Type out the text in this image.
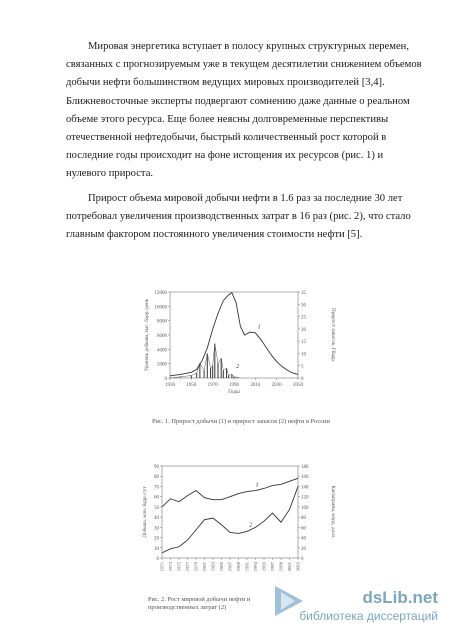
Мировая энергетика вступает в полосу крупных структурных перемен, связанных с прогнозируемым уже в текущем десятилетии снижением объемов добычи нефти большинством ведущих мировых производителей [3,4]. Ближневосточные эксперты подвергают сомнению даже данные о реальном объеме этого ресурса. Еще более неясны долговременные перспективы отечественной нефтедобычи, быстрый количественный рост которой в последние годы происходит на фоне истощения их ресурсов (рис. 1) и нулевого прироста.

Прирост объема мировой добычи нефти в 1.6 раз за последние 30 лет потребовал увеличения производственных затрат в 16 раз (рис. 2), что стало главным фактором постоянного увеличения стоимости нефти [5].

0
2000
4000
6000
8000
10000
12000
0
5
10
15
20
25
30
35
1930 1950 1970 1990 2010 2030 2050
Годы
Уровень добычи, тыс. барр./день	Прирост запасов, Гбарр.
1
2
Рис. 1. Прирост добычи (1) и прирост запасов (2) нефти в России
0
10
20
30
40
50
60
70
80
90
0
20
40
60
80
100
120
140
160
180
1971 1973 1975 1977 1979 1981 1983 1985 1987 1989 1991 1993 1995 1997 1999 2001 2003
Добыча, млн. барр./сут	Капзатраты, млрд. долл.
1
2
Рис. 2. Рост мировой добычи нефти и производственных затрат (2)
dsLib.net
библиотека диссертаций
